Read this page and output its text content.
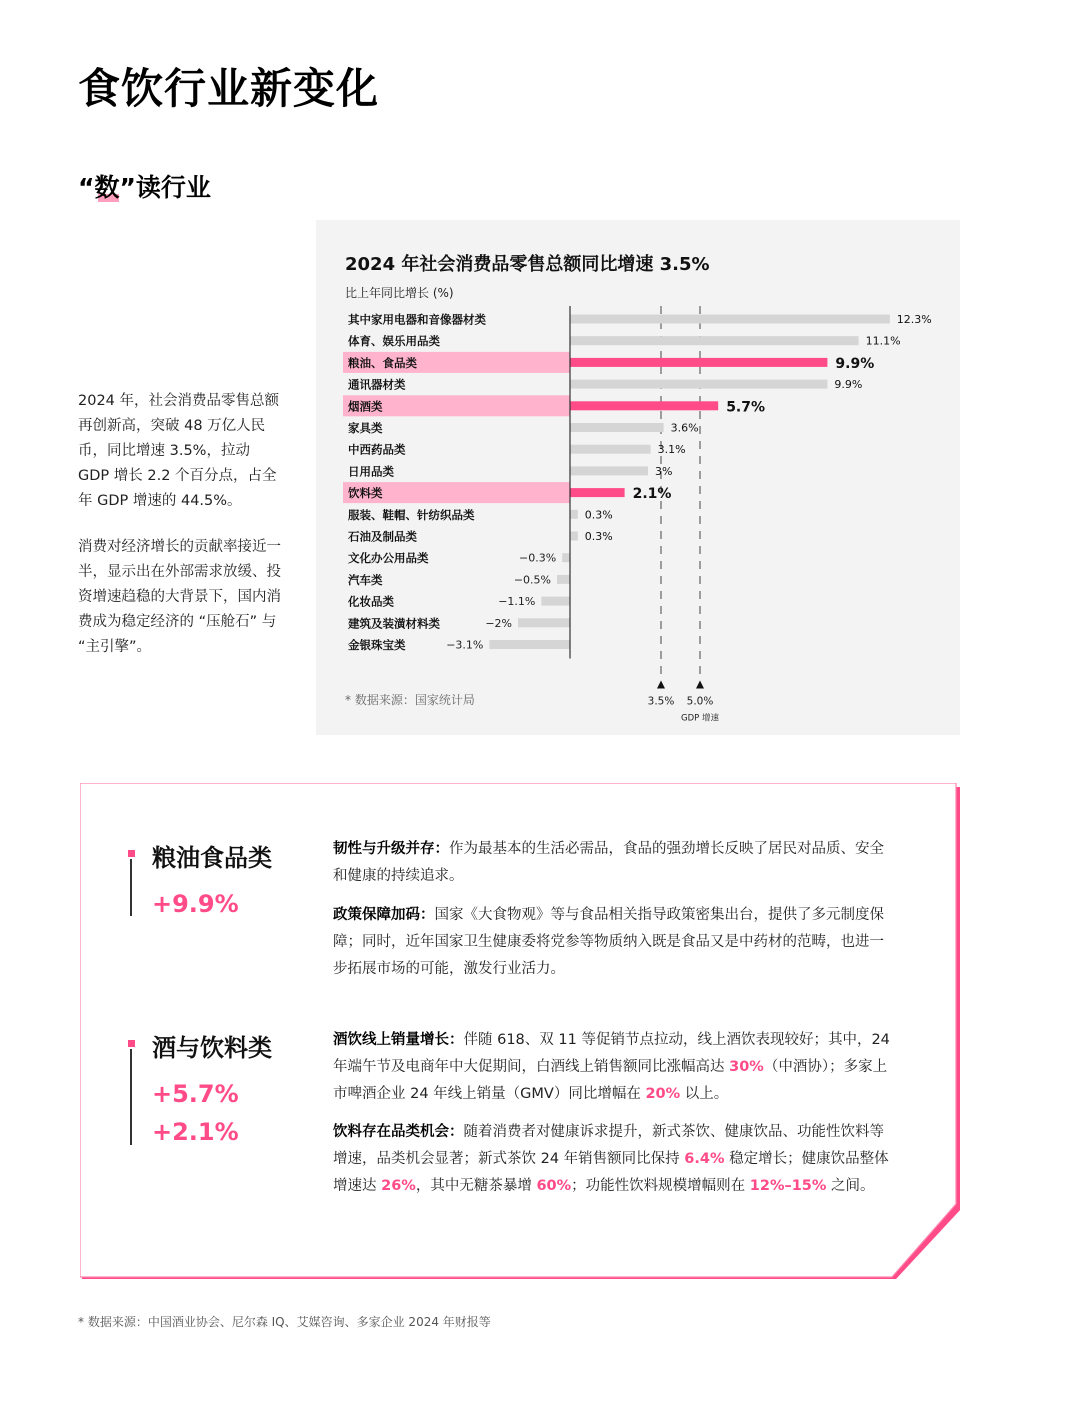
食饮行业新变化
“数”读行业
2024 年，社会消费品零售总额再创新高，突破 48 万亿人民币，同比增速 3.5%，拉动 GDP 增长 2.2 个百分点，占全年 GDP 增速的 44.5%。
消费对经济增长的贡献率接近一半，显示出在外部需求放缓、投资增速趋稳的大背景下，国内消费成为稳定经济的 “压舱石” 与 “主引擎”。
2024 年社会消费品零售总额同比增速 3.5%
比上年同比增长 (%)
3.5% 5.0%
GDP 增速
其中家用电器和音像器材类	12.3%
体育、娱乐用品类	11.1%
粮油、食品类	9.9%
通讯器材类	9.9%
烟酒类	5.7%
家具类	3.6%
中西药品类	3.1%
日用品类	3%
饮料类	2.1%
服装、鞋帽、针纺织品类	0.3%
石油及制品类	0.3%
文化办公用品类	−0.3%
汽车类	−0.5%
化妆品类	−1.1%
建筑及装潢材料类	−2%
金银珠宝类	−3.1%
* 数据来源：国家统计局
粮油食品类
+9.9%
酒与饮料类
+5.7%
+2.1%
韧性与升级并存：作为最基本的生活必需品，食品的强劲增长反映了居民对品质、安全和健康的持续追求。
政策保障加码：国家《大食物观》等与食品相关指导政策密集出台，提供了多元制度保障；同时，近年国家卫生健康委将党参等物质纳入既是食品又是中药材的范畴，也进一步拓展市场的可能，激发行业活力。
酒饮线上销量增长：伴随 618、双 11 等促销节点拉动，线上酒饮表现较好；其中，24 年端午节及电商年中大促期间，白酒线上销售额同比涨幅高达 30%（中酒协）；多家上市啤酒企业 24 年线上销量（GMV）同比增幅在 20% 以上。
饮料存在品类机会：随着消费者对健康诉求提升，新式茶饮、健康饮品、功能性饮料等增速，品类机会显著；新式茶饮 24 年销售额同比保持 6.4% 稳定增长；健康饮品整体增速达 26%，其中无糖茶暴增 60%；功能性饮料规模增幅则在 12%–15% 之间。
* 数据来源：中国酒业协会、尼尔森 IQ、艾媒咨询、多家企业 2024 年财报等
